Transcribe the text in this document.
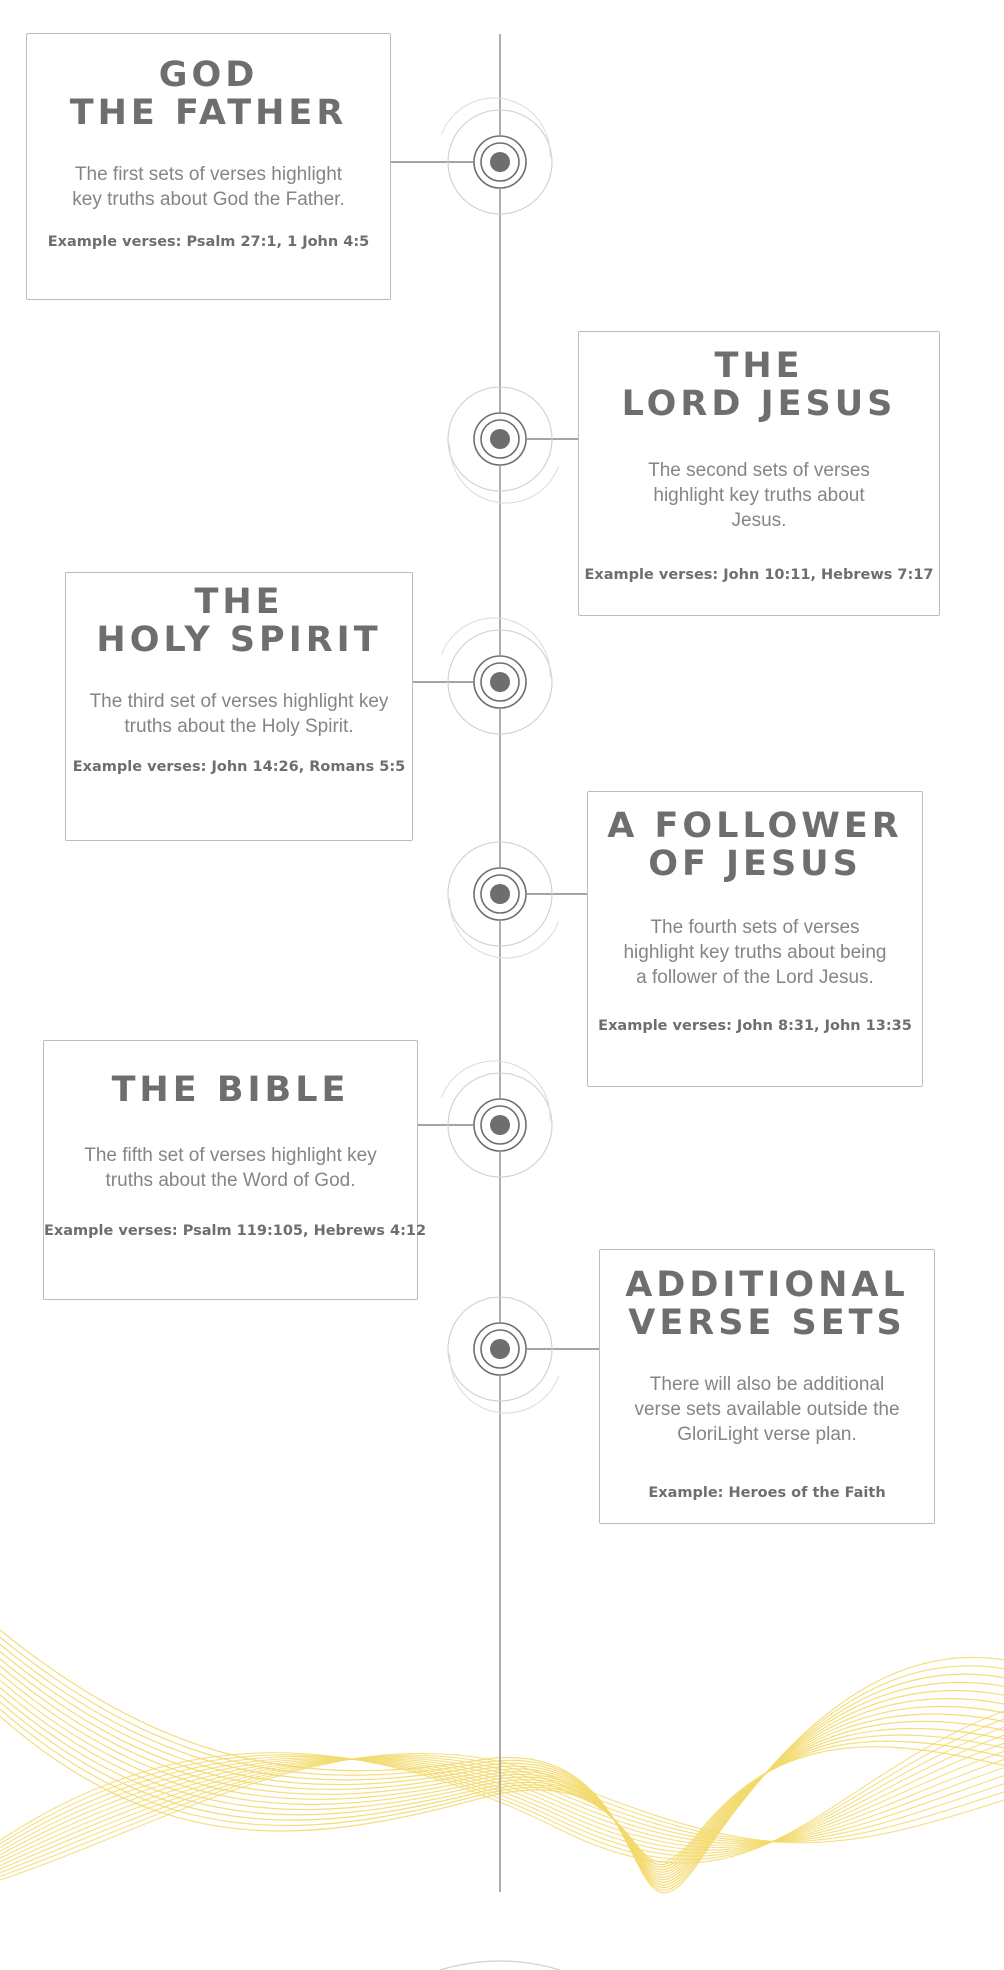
GOD
THE FATHER

The first sets of verses highlight key truths about God the Father.

Example verses: Psalm 27:1, 1 John 4:5

THE
LORD JESUS

The second sets of verses highlight key truths about Jesus.

Example verses: John 10:11, Hebrews 7:17

THE
HOLY SPIRIT

The third set of verses highlight key truths about the Holy Spirit.

Example verses: John 14:26, Romans 5:5

A FOLLOWER
OF JESUS

The fourth sets of verses highlight key truths about being a follower of the Lord Jesus.

Example verses: John 8:31, John 13:35

THE BIBLE

The fifth set of verses highlight key truths about the Word of God.

Example verses: Psalm 119:105, Hebrews 4:12

ADDITIONAL
VERSE SETS

There will also be additional verse sets available outside the GloriLight verse plan.

Example: Heroes of the Faith
